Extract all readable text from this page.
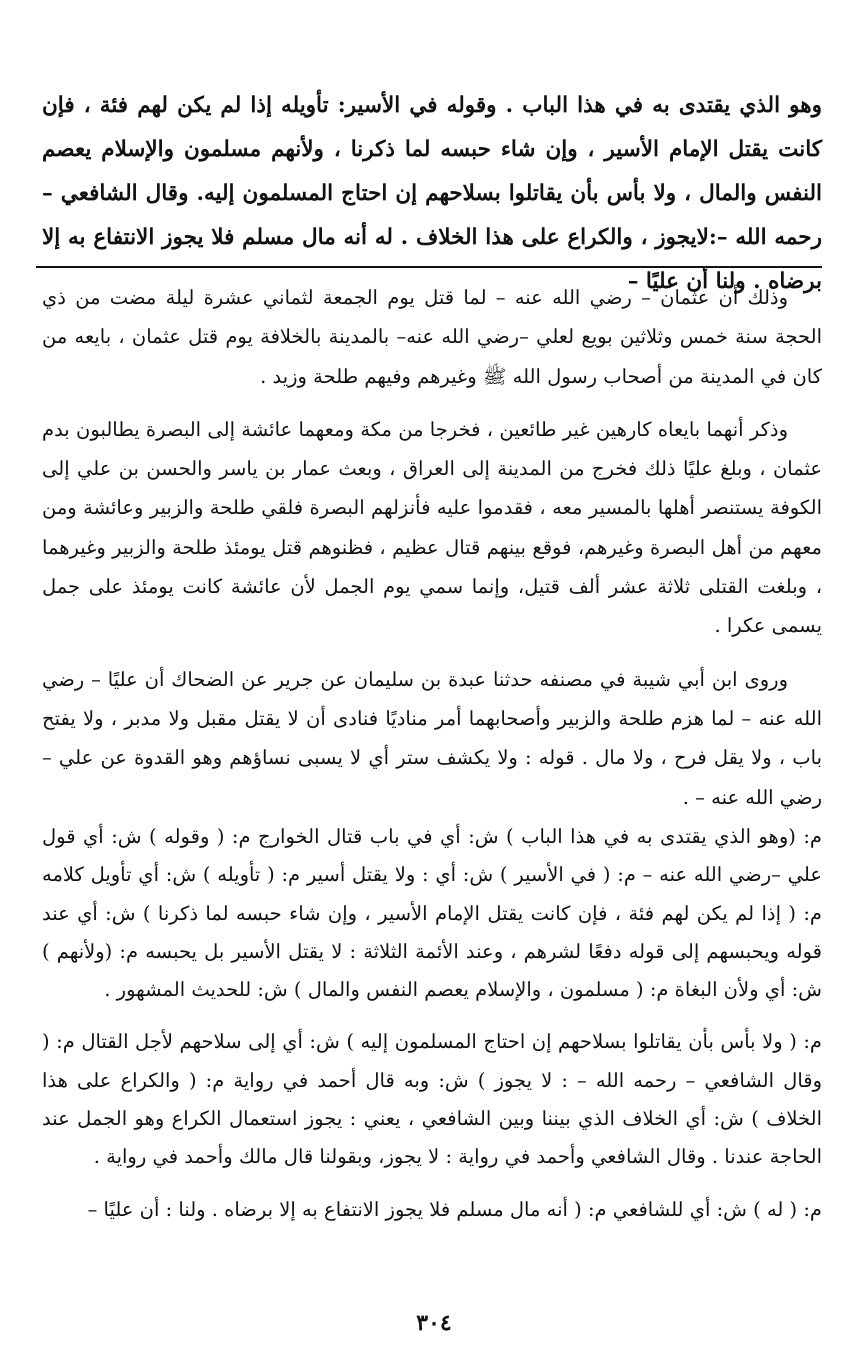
وهو الذي يقتدى به في هذا الباب . وقوله في الأسير: تأويله إذا لم يكن لهم فئة ، فإن كانت يقتل الإمام الأسير ، وإن شاء حبسه لما ذكرنا ، ولأنهم مسلمون والإسلام يعصم النفس والمال ، ولا بأس بأن يقاتلوا بسلاحهم إن احتاج المسلمون إليه. وقال الشافعي – رحمه الله –:لايجوز ، والكراع على هذا الخلاف . له أنه مال مسلم فلا يجوز الانتفاع به إلا برضاه . ولنا أن عليًا –

وذلك أن عثمان – رضي الله عنه – لما قتل يوم الجمعة لثماني عشرة ليلة مضت من ذي الحجة سنة خمس وثلاثين بويع لعلي –رضي الله عنه– بالمدينة بالخلافة يوم قتل عثمان ، بايعه من كان في المدينة من أصحاب رسول الله ﷺ وغيرهم وفيهم طلحة وزيد .

وذكر أنهما بايعاه كارهين غير طائعين ، فخرجا من مكة ومعهما عائشة إلى البصرة يطالبون بدم عثمان ، وبلغ عليًا ذلك فخرج من المدينة إلى العراق ، وبعث عمار بن ياسر والحسن بن علي إلى الكوفة يستنصر أهلها بالمسير معه ، فقدموا عليه فأنزلهم البصرة فلقي طلحة والزبير وعائشة ومن معهم من أهل البصرة وغيرهم، فوقع بينهم قتال عظيم ، فظنوهم قتل يومئذ طلحة والزبير وغيرهما ، وبلغت القتلى ثلاثة عشر ألف قتيل، وإنما سمي يوم الجمل لأن عائشة كانت يومئذ على جمل يسمى عكرا .

وروى ابن أبي شيبة في مصنفه حدثنا عبدة بن سليمان عن جرير عن الضحاك أن عليًا – رضي الله عنه – لما هزم طلحة والزبير وأصحابهما أمر مناديًا فنادى أن لا يقتل مقبل ولا مدبر ، ولا يفتح باب ، ولا يقل فرح ، ولا مال . قوله : ولا يكشف ستر أي لا يسبى نساؤهم وهو القدوة عن علي – رضي الله عنه – .

م: (وهو الذي يقتدى به في هذا الباب ) ش: أي في باب قتال الخوارج م: ( وقوله ) ش: أي قول علي –رضي الله عنه – م: ( في الأسير ) ش: أي : ولا يقتل أسير م: ( تأويله ) ش: أي تأويل كلامه م: ( إذا لم يكن لهم فئة ، فإن كانت يقتل الإمام الأسير ، وإن شاء حبسه لما ذكرنا ) ش: أي عند قوله ويحبسهم إلى قوله دفعًا لشرهم ، وعند الأئمة الثلاثة : لا يقتل الأسير بل يحبسه م: (ولأنهم ) ش: أي ولأن البغاة م: ( مسلمون ، والإسلام يعصم النفس والمال ) ش: للحديث المشهور .

م: ( ولا بأس بأن يقاتلوا بسلاحهم إن احتاج المسلمون إليه ) ش: أي إلى سلاحهم لأجل القتال م: ( وقال الشافعي – رحمه الله – : لا يجوز ) ش: وبه قال أحمد في رواية م: ( والكراع على هذا الخلاف ) ش: أي الخلاف الذي بيننا وبين الشافعي ، يعني : يجوز استعمال الكراع وهو الجمل عند الحاجة عندنا . وقال الشافعي وأحمد في رواية : لا يجوز، وبقولنا قال مالك وأحمد في رواية .

م: ( له ) ش: أي للشافعي م: ( أنه مال مسلم فلا يجوز الانتفاع به إلا برضاه . ولنا : أن عليًا –

٣٠٤
